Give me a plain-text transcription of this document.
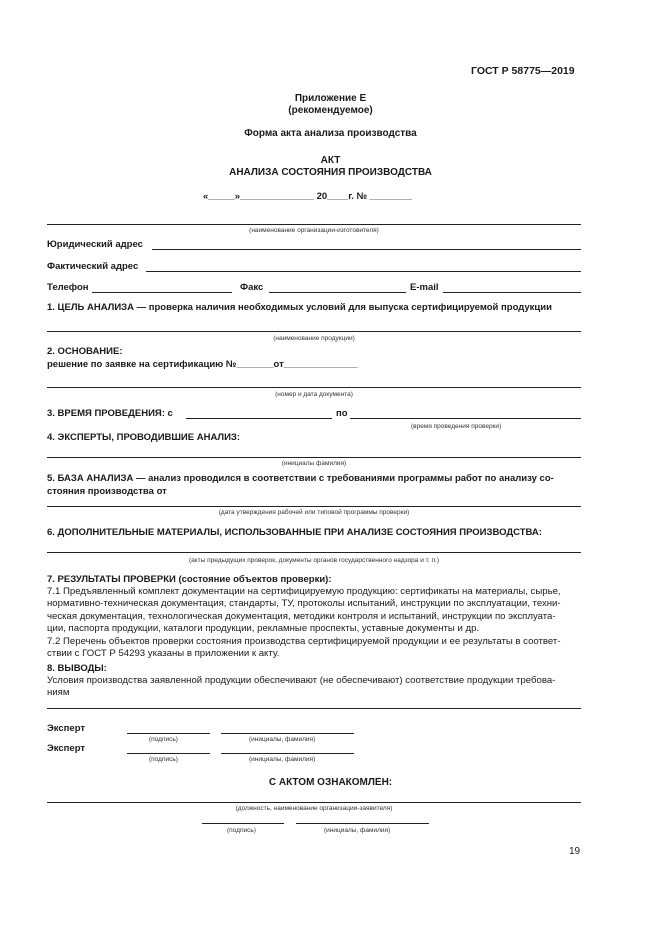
ГОСТ Р 58775—2019
Приложение Е
(рекомендуемое)
Форма акта анализа производства
АКТ
АНАЛИЗА СОСТОЯНИЯ ПРОИЗВОДСТВА
«_____»______________ 20____г. № ________
(наименование организации-изготовителя)
Юридический адрес
Фактический адрес
Телефон	Факс	E-mail
1. ЦЕЛЬ АНАЛИЗА — проверка наличия необходимых условий для выпуска сертифицируемой продукции
(наименование продукции)
2. ОСНОВАНИЕ:
решение по заявке на сертификацию №_______от______________
(номер и дата документа)
3. ВРЕМЯ ПРОВЕДЕНИЯ: с	по
(время проведения проверки)
4. ЭКСПЕРТЫ, ПРОВОДИВШИЕ АНАЛИЗ:
(инициалы фамилия)
5. БАЗА АНАЛИЗА — анализ проводился в соответствии с требованиями программы работ по анализу со-
стояния производства от
(дата утверждения рабочей или типовой программы проверки)
6. ДОПОЛНИТЕЛЬНЫЕ МАТЕРИАЛЫ, ИСПОЛЬЗОВАННЫЕ ПРИ АНАЛИЗЕ СОСТОЯНИЯ ПРОИЗВОДСТВА:
(акты предыдущих проверок, документы органов государственного надзора и т. п.)
7. РЕЗУЛЬТАТЫ ПРОВЕРКИ (состояние объектов проверки):
7.1 Предъявленный комплект документации на сертифицируемую продукцию: сертификаты на материалы, сырье,
нормативно-техническая документация, стандарты, ТУ, протоколы испытаний, инструкции по эксплуатации, техни-
ческая документация, технологическая документация, методики контроля и испытаний, инструкции по эксплуата-
ции, паспорта продукции, каталоги продукции, рекламные проспекты, уставные документы и др.
7.2 Перечень объектов проверки состояния производства сертифицируемой продукции и ее результаты в соответ-
ствии с ГОСТ Р 54293 указаны в приложении к акту.
8. ВЫВОДЫ:
Условия производства заявленной продукции обеспечивают (не обеспечивают) соответствие продукции требова-
ниям
Эксперт
(подпись)	(инициалы, фамилия)
Эксперт
(подпись)	(инициалы, фамилия)
С АКТОМ ОЗНАКОМЛЕН:
(должность, наименование организации-заявителя)
(подпись)	(инициалы, фамилия)
19
